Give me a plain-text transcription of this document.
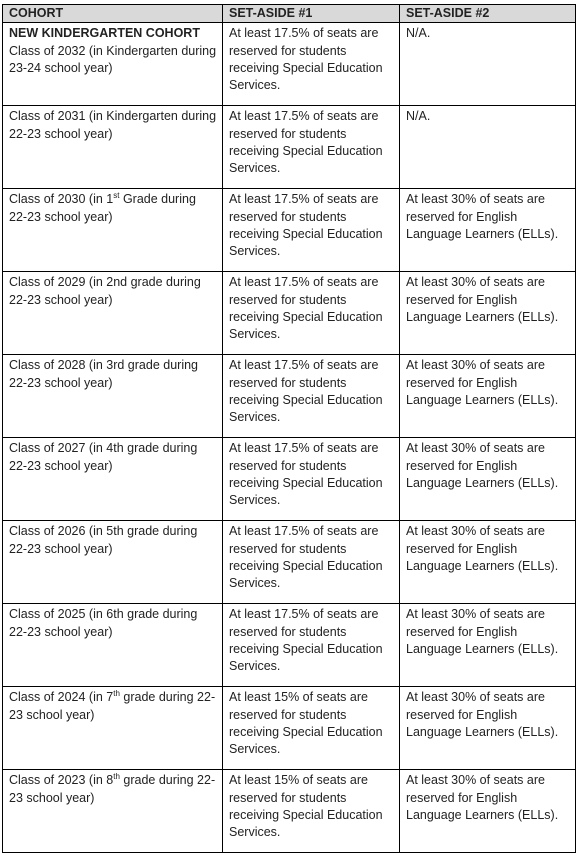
COHORT	SET-ASIDE #1	SET-ASIDE #2

NEW KINDERGARTEN COHORT
Class of 2032 (in Kindergarten during 23-24 school year)	At least 17.5% of seats are reserved for students receiving Special Education Services.	N/A.
Class of 2031 (in Kindergarten during 22-23 school year)	At least 17.5% of seats are reserved for students receiving Special Education Services.	N/A.
Class of 2030 (in 1st Grade during 22-23 school year)	At least 17.5% of seats are reserved for students receiving Special Education Services.	At least 30% of seats are reserved for English Language Learners (ELLs).
Class of 2029 (in 2nd grade during 22-23 school year)	At least 17.5% of seats are reserved for students receiving Special Education Services.	At least 30% of seats are reserved for English Language Learners (ELLs).
Class of 2028 (in 3rd grade during 22-23 school year)	At least 17.5% of seats are reserved for students receiving Special Education Services.	At least 30% of seats are reserved for English Language Learners (ELLs).
Class of 2027 (in 4th grade during 22-23 school year)	At least 17.5% of seats are reserved for students receiving Special Education Services.	At least 30% of seats are reserved for English Language Learners (ELLs).
Class of 2026 (in 5th grade during 22-23 school year)	At least 17.5% of seats are reserved for students receiving Special Education Services.	At least 30% of seats are reserved for English Language Learners (ELLs).
Class of 2025 (in 6th grade during 22-23 school year)	At least 17.5% of seats are reserved for students receiving Special Education Services.	At least 30% of seats are reserved for English Language Learners (ELLs).
Class of 2024 (in 7th grade during 22-23 school year)	At least 15% of seats are reserved for students receiving Special Education Services.	At least 30% of seats are reserved for English Language Learners (ELLs).
Class of 2023 (in 8th grade during 22-23 school year)	At least 15% of seats are reserved for students receiving Special Education Services.	At least 30% of seats are reserved for English Language Learners (ELLs).
